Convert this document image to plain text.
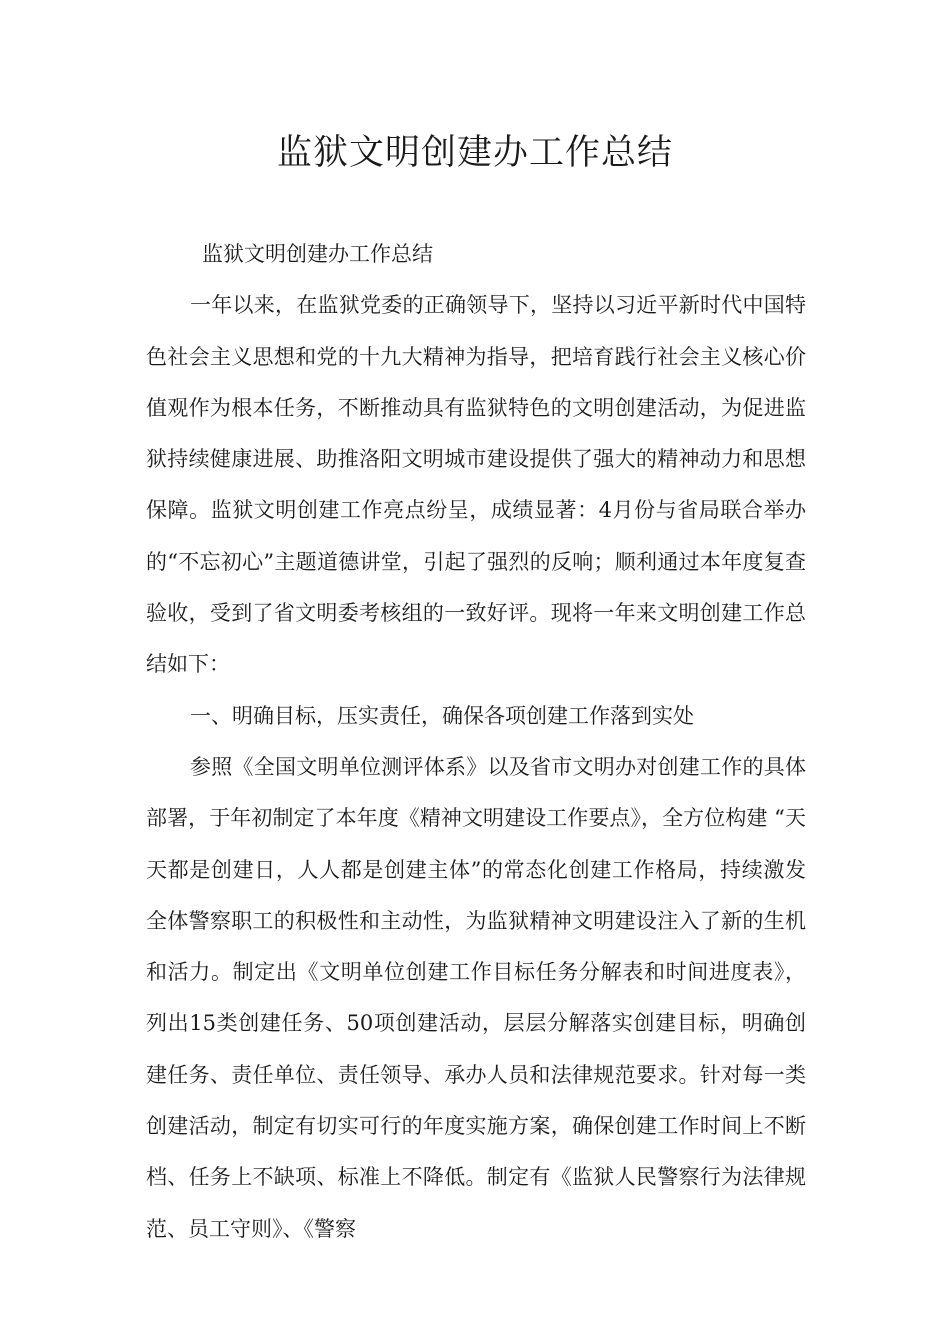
监狱文明创建办工作总结

监狱文明创建办工作总结

一年以来，在监狱党委的正确领导下，坚持以习近平新时代中国特色社会主义思想和党的十九大精神为指导，把培育践行社会主义核心价值观作为根本任务，不断推动具有监狱特色的文明创建活动，为促进监狱持续健康进展、助推洛阳文明城市建设提供了强大的精神动力和思想保障。监狱文明创建工作亮点纷呈，成绩显著：4月份与省局联合举办的“不忘初心”主题道德讲堂，引起了强烈的反响；顺利通过本年度复查验收，受到了省文明委考核组的一致好评。现将一年来文明创建工作总结如下：

一、明确目标，压实责任，确保各项创建工作落到实处

参照《全国文明单位测评体系》以及省市文明办对创建工作的具体部署，于年初制定了本年度《精神文明建设工作要点》，全方位构建 “天天都是创建日，人人都是创建主体”的常态化创建工作格局，持续激发全体警察职工的积极性和主动性，为监狱精神文明建设注入了新的生机和活力。制定出《文明单位创建工作目标任务分解表和时间进度表》，列出15类创建任务、50项创建活动，层层分解落实创建目标，明确创建任务、责任单位、责任领导、承办人员和法律规范要求。针对每一类创建活动，制定有切实可行的年度实施方案，确保创建工作时间上不断档、任务上不缺项、标准上不降低。制定有《监狱人民警察行为法律规范、员工守则》、《警察
